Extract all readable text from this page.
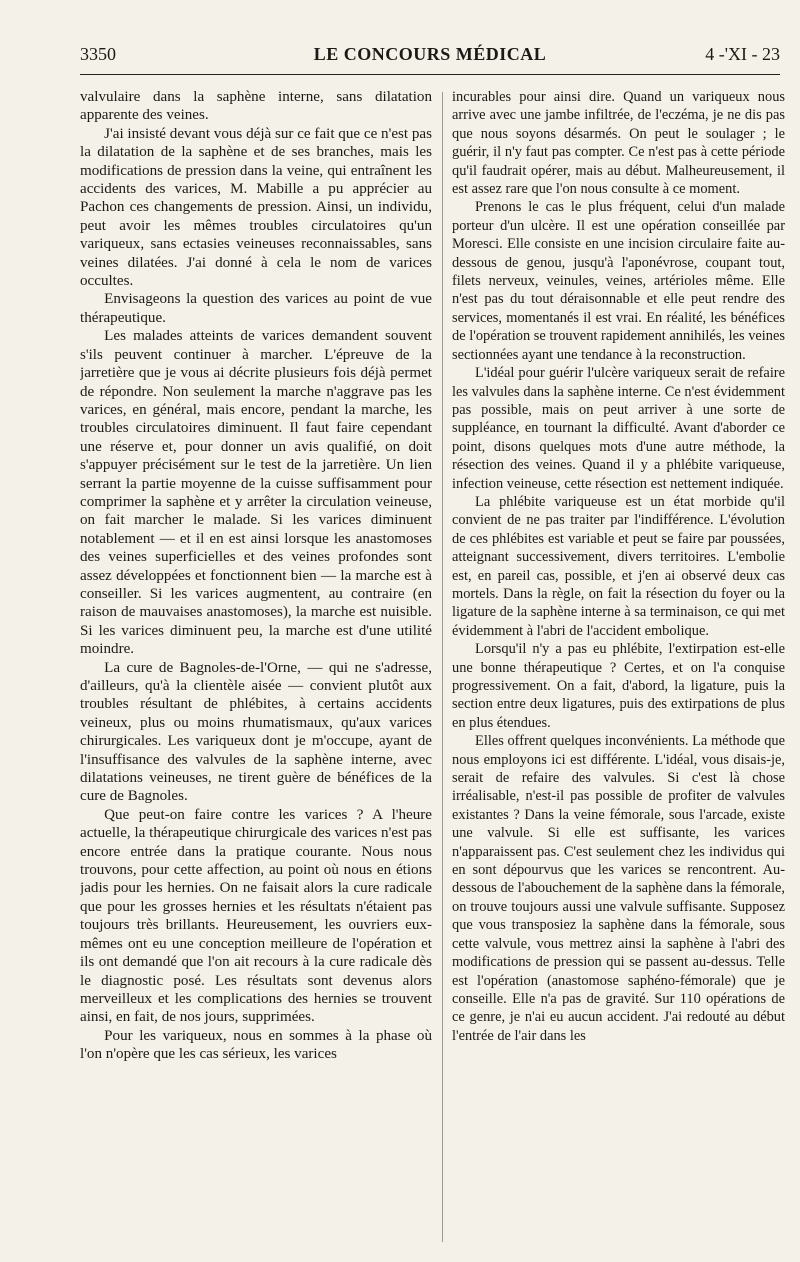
3350	LE CONCOURS MÉDICAL	4 -'XI - 23

valvulaire dans la saphène interne, sans dilatation apparente des veines.

J'ai insisté devant vous déjà sur ce fait que ce n'est pas la dilatation de la saphène et de ses branches, mais les modifications de pression dans la veine, qui entraînent les accidents des varices, M. Mabille a pu apprécier au Pachon ces changements de pression. Ainsi, un individu, peut avoir les mêmes troubles circulatoires qu'un variqueux, sans ectasies veineuses reconnaissables, sans veines dilatées. J'ai donné à cela le nom de varices occultes.

Envisageons la question des varices au point de vue thérapeutique.

Les malades atteints de varices demandent souvent s'ils peuvent continuer à marcher. L'épreuve de la jarretière que je vous ai décrite plusieurs fois déjà permet de répondre. Non seulement la marche n'aggrave pas les varices, en général, mais encore, pendant la marche, les troubles circulatoires diminuent. Il faut faire cependant une réserve et, pour donner un avis qualifié, on doit s'appuyer précisément sur le test de la jarretière. Un lien serrant la partie moyenne de la cuisse suffisamment pour comprimer la saphène et y arrêter la circulation veineuse, on fait marcher le malade. Si les varices diminuent notablement — et il en est ainsi lorsque les anastomoses des veines superficielles et des veines profondes sont assez développées et fonctionnent bien — la marche est à conseiller. Si les varices augmentent, au contraire (en raison de mauvaises anastomoses), la marche est nuisible. Si les varices diminuent peu, la marche est d'une utilité moindre.

La cure de Bagnoles-de-l'Orne, — qui ne s'adresse, d'ailleurs, qu'à la clientèle aisée — convient plutôt aux troubles résultant de phlébites, à certains accidents veineux, plus ou moins rhumatismaux, qu'aux varices chirurgicales. Les variqueux dont je m'occupe, ayant de l'insuffisance des valvules de la saphène interne, avec dilatations veineuses, ne tirent guère de bénéfices de la cure de Bagnoles.

Que peut-on faire contre les varices ? A l'heure actuelle, la thérapeutique chirurgicale des varices n'est pas encore entrée dans la pratique courante. Nous nous trouvons, pour cette affection, au point où nous en étions jadis pour les hernies. On ne faisait alors la cure radicale que pour les grosses hernies et les résultats n'étaient pas toujours très brillants. Heureusement, les ouvriers eux-mêmes ont eu une conception meilleure de l'opération et ils ont demandé que l'on ait recours à la cure radicale dès le diagnostic posé. Les résultats sont devenus alors merveilleux et les complications des hernies se trouvent ainsi, en fait, de nos jours, supprimées.

Pour les variqueux, nous en sommes à la phase où l'on n'opère que les cas sérieux, les varices

incurables pour ainsi dire. Quand un variqueux nous arrive avec une jambe infiltrée, de l'eczéma, je ne dis pas que nous soyons désarmés. On peut le soulager ; le guérir, il n'y faut pas compter. Ce n'est pas à cette période qu'il faudrait opérer, mais au début. Malheureusement, il est assez rare que l'on nous consulte à ce moment.

Prenons le cas le plus fréquent, celui d'un malade porteur d'un ulcère. Il est une opération conseillée par Moresci. Elle consiste en une incision circulaire faite au-dessous de genou, jusqu'à l'aponévrose, coupant tout, filets nerveux, veinules, veines, artérioles même. Elle n'est pas du tout déraisonnable et elle peut rendre des services, momentanés il est vrai. En réalité, les bénéfices de l'opération se trouvent rapidement annihilés, les veines sectionnées ayant une tendance à la reconstruction.

L'idéal pour guérir l'ulcère variqueux serait de refaire les valvules dans la saphène interne. Ce n'est évidemment pas possible, mais on peut arriver à une sorte de suppléance, en tournant la difficulté. Avant d'aborder ce point, disons quelques mots d'une autre méthode, la résection des veines. Quand il y a phlébite variqueuse, infection veineuse, cette résection est nettement indiquée.

La phlébite variqueuse est un état morbide qu'il convient de ne pas traiter par l'indifférence. L'évolution de ces phlébites est variable et peut se faire par poussées, atteignant successivement, divers territoires. L'embolie est, en pareil cas, possible, et j'en ai observé deux cas mortels. Dans la règle, on fait la résection du foyer ou la ligature de la saphène interne à sa terminaison, ce qui met évidemment à l'abri de l'accident embolique.

Lorsqu'il n'y a pas eu phlébite, l'extirpation est-elle une bonne thérapeutique ? Certes, et on l'a conquise progressivement. On a fait, d'abord, la ligature, puis la section entre deux ligatures, puis des extirpations de plus en plus étendues.

Elles offrent quelques inconvénients. La méthode que nous employons ici est différente. L'idéal, vous disais-je, serait de refaire des valvules. Si c'est là chose irréalisable, n'est-il pas possible de profiter de valvules existantes ? Dans la veine fémorale, sous l'arcade, existe une valvule. Si elle est suffisante, les varices n'apparaissent pas. C'est seulement chez les individus qui en sont dépourvus que les varices se rencontrent. Au-dessous de l'abouchement de la saphène dans la fémorale, on trouve toujours aussi une valvule suffisante. Supposez que vous transposiez la saphène dans la fémorale, sous cette valvule, vous mettrez ainsi la saphène à l'abri des modifications de pression qui se passent au-dessus. Telle est l'opération (anastomose saphéno-fémorale) que je conseille. Elle n'a pas de gravité. Sur 110 opérations de ce genre, je n'ai eu aucun accident. J'ai redouté au début l'entrée de l'air dans les
